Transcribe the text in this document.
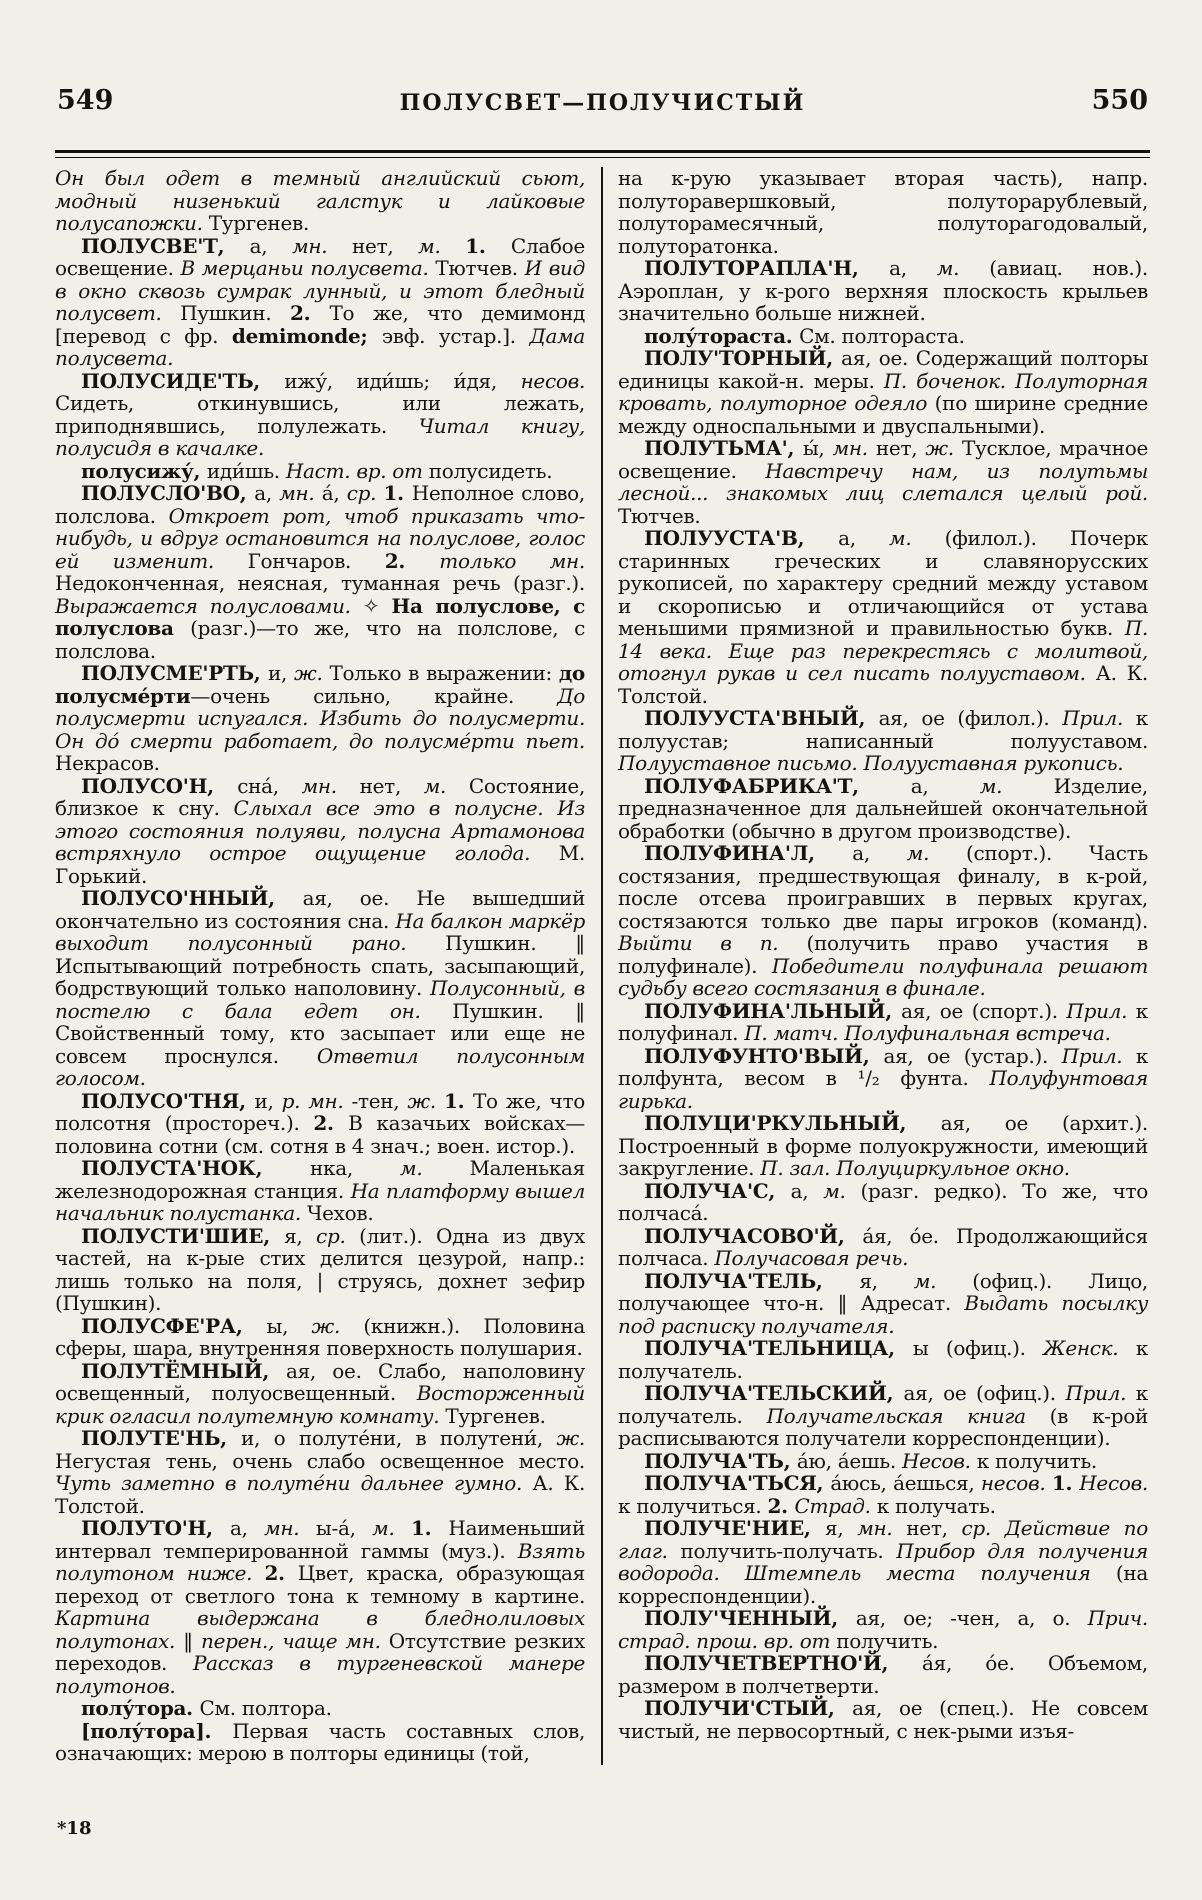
549	ПОЛУСВЕТ—ПОЛУЧИСТЫЙ	550

Он был одет в темный английский сьют, модный низенький галстук и лайковые полусапожки. Тургенев.

ПОЛУСВЕ'Т, а, мн. нет, м. 1. Слабое освещение. В мерцаньи полусвета. Тютчев. И вид в окно сквозь сумрак лунный, и этот бледный полусвет. Пушкин. 2. То же, что демимонд [перевод с фр. demimonde; эвф. устар.]. Дама полусвета.

ПОЛУСИДЕ'ТЬ, ижу́, иди́шь; и́дя, несов. Сидеть, откинувшись, или лежать, приподнявшись, полулежать. Читал книгу, полусидя в качалке.

полусижу́, иди́шь. Наст. вр. от полусидеть.

ПОЛУСЛО'ВО, а, мн. а́, ср. 1. Неполное слово, полслова. Откроет рот, чтоб приказать что-нибудь, и вдруг остановится на полуслове, голос ей изменит. Гончаров. 2. только мн. Недоконченная, неясная, туманная речь (разг.). Выражается полусловами. ✧ На полуслове, с полуслова (разг.)—то же, что на полслове, с полслова.

ПОЛУСМЕ'РТЬ, и, ж. Только в выражении: до полусме́рти—очень сильно, крайне. До полусмерти испугался. Избить до полусмерти. Он до́ смерти работает, до полусме́рти пьет. Некрасов.

ПОЛУСО'Н, сна́, мн. нет, м. Состояние, близкое к сну. Слыхал все это в полусне. Из этого состояния полуяви, полусна Артамонова встряхнуло острое ощущение голода. М. Горький.

ПОЛУСО'ННЫЙ, ая, ое. Не вышедший окончательно из состояния сна. На балкон маркёр выходит полусонный рано. Пушкин. ‖ Испытывающий потребность спать, засыпающий, бодрствующий только наполовину. Полусонный, в постелю с бала едет он. Пушкин. ‖ Свойственный тому, кто засыпает или еще не совсем проснулся. Ответил полусонным голосом.

ПОЛУСО'ТНЯ, и, р. мн. -тен, ж. 1. То же, что полсотня (простореч.). 2. В казачьих войсках—половина сотни (см. сотня в 4 знач.; воен. истор.).

ПОЛУСТА'НОК, нка, м. Маленькая железнодорожная станция. На платформу вышел начальник полустанка. Чехов.

ПОЛУСТИ'ШИЕ, я, ср. (лит.). Одна из двух частей, на к-рые стих делится цезурой, напр.: лишь только на поля, | струясь, дохнет зефир (Пушкин).

ПОЛУСФЕ'РА, ы, ж. (книжн.). Половина сферы, шара, внутренняя поверхность полушария.

ПОЛУТЁМНЫЙ, ая, ое. Слабо, наполовину освещенный, полуосвещенный. Восторженный крик огласил полутемную комнату. Тургенев.

ПОЛУТЕ'НЬ, и, о полуте́ни, в полутени́, ж. Негустая тень, очень слабо освещенное место. Чуть заметно в полуте́ни дальнее гумно. А. К. Толстой.

ПОЛУТО'Н, а, мн. ы-а́, м. 1. Наименьший интервал темперированной гаммы (муз.). Взять полутоном ниже. 2. Цвет, краска, образующая переход от светлого тона к темному в картине. Картина выдержана в бледнолиловых полутонах. ‖ перен., чаще мн. Отсутствие резких переходов. Рассказ в тургеневской манере полутонов.

полу́тора. См. полтора.

[полу́тора]. Первая часть составных слов, означающих: мерою в полторы единицы (той,

на к-рую указывает вторая часть), напр. полуторавершковый, полуторарублевый, полуторамесячный, полуторагодовалый, полуторатонка.

ПОЛУТОРАПЛА'Н, а, м. (авиац. нов.). Аэроплан, у к-рого верхняя плоскость крыльев значительно больше нижней.

полу́тораста. См. полтораста.

ПОЛУ'ТОРНЫЙ, ая, ое. Содержащий полторы единицы какой-н. меры. П. боченок. Полуторная кровать, полуторное одеяло (по ширине средние между односпальными и двуспальными).

ПОЛУТЬМА', ы́, мн. нет, ж. Тусклое, мрачное освещение. Навстречу нам, из полутьмы лесной... знакомых лиц слетался целый рой. Тютчев.

ПОЛУУСТА'В, а, м. (филол.). Почерк старинных греческих и славянорусских рукописей, по характеру средний между уставом и скорописью и отличающийся от устава меньшими прямизной и правильностью букв. П. 14 века. Еще раз перекрестясь с молитвой, отогнул рукав и сел писать полууставом. А. К. Толстой.

ПОЛУУСТА'ВНЫЙ, ая, ое (филол.). Прил. к полуустав; написанный полууставом. Полууставное письмо. Полууставная рукопись.

ПОЛУФАБРИКА'Т, а, м. Изделие, предназначенное для дальнейшей окончательной обработки (обычно в другом производстве).

ПОЛУФИНА'Л, а, м. (спорт.). Часть состязания, предшествующая финалу, в к-рой, после отсева проигравших в первых кругах, состязаются только две пары игроков (команд). Выйти в п. (получить право участия в полуфинале). Победители полуфинала решают судьбу всего состязания в финале.

ПОЛУФИНА'ЛЬНЫЙ, ая, ое (спорт.). Прил. к полуфинал. П. матч. Полуфинальная встреча.

ПОЛУФУНТО'ВЫЙ, ая, ое (устар.). Прил. к полфунта, весом в ¹/₂ фунта. Полуфунтовая гирька.

ПОЛУЦИ'РКУЛЬНЫЙ, ая, ое (архит.). Построенный в форме полуокружности, имеющий закругление. П. зал. Полуциркульное окно.

ПОЛУЧА'С, а, м. (разг. редко). То же, что полчаса́.

ПОЛУЧАСОВО'Й, а́я, о́е. Продолжающийся полчаса. Получасовая речь.

ПОЛУЧА'ТЕЛЬ, я, м. (офиц.). Лицо, получающее что-н. ‖ Адресат. Выдать посылку под расписку получателя.

ПОЛУЧА'ТЕЛЬНИЦА, ы (офиц.). Женск. к получатель.

ПОЛУЧА'ТЕЛЬСКИЙ, ая, ое (офиц.). Прил. к получатель. Получательская книга (в к-рой расписываются получатели корреспонденции).

ПОЛУЧА'ТЬ, а́ю, а́ешь. Несов. к получить.

ПОЛУЧА'ТЬСЯ, а́юсь, а́ешься, несов. 1. Несов. к получиться. 2. Страд. к получать.

ПОЛУЧЕ'НИЕ, я, мн. нет, ср. Действие по глаг. получить-получать. Прибор для получения водорода. Штемпель места получения (на корреспонденции).

ПОЛУ'ЧЕННЫЙ, ая, ое; -чен, а, о. Прич. страд. прош. вр. от получить.

ПОЛУЧЕТВЕРТНО'Й, а́я, о́е. Объемом, размером в полчетверти.

ПОЛУЧИ'СТЫЙ, ая, ое (спец.). Не совсем чистый, не первосортный, с нек-рыми изъя-

*18
